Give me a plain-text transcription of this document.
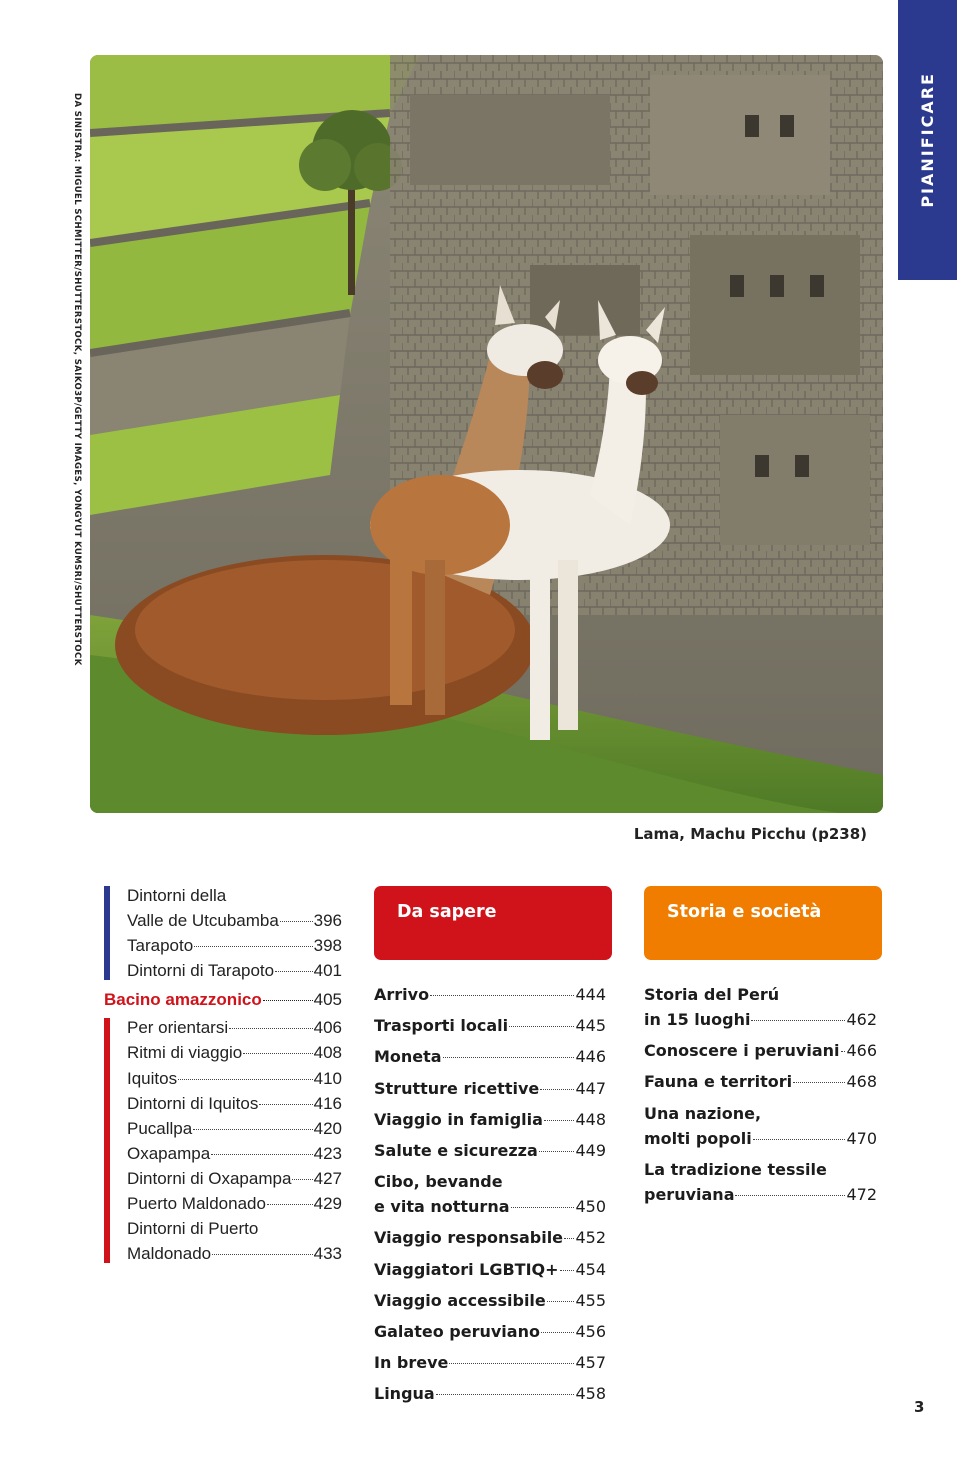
PIANIFICARE
DA SINISTRA: MIGUEL SCHMITTER/SHUTTERSTOCK, SAIKO3P/GETTY IMAGES, YONGYUT KUMSRI/SHUTTERSTOCK
Lama, Machu Picchu (p238)
Dintorni della
Valle de Utcubamba 396
Tarapoto	398
Dintorni di Tarapoto 401
Bacino amazzonico	405
Per orientarsi	406
Ritmi di viaggio	408
Iquitos	410
Dintorni di Iquitos	416
Pucallpa	420
Oxapampa	423
Dintorni di Oxapampa 427
Puerto Maldonado	429
Dintorni di Puerto
Maldonado	433
Da sapere	Storia e società
Arrivo	444
Trasporti locali	445
Moneta	446
Strutture ricettive 447
Viaggio in famiglia 448
Salute e sicurezza 449
Cibo, bevande
e vita notturna	450
Viaggio responsabile 452
Viaggiatori LGBTIQ+ 454
Viaggio accessibile 455
Galateo peruviano 456
In breve	457
Lingua	458
Storia del Perú
in 15 luoghi	462
Conoscere i peruviani 466
Fauna e territori	468
Una nazione,
molti popoli	470
La tradizione tessile
peruviana	472
3
